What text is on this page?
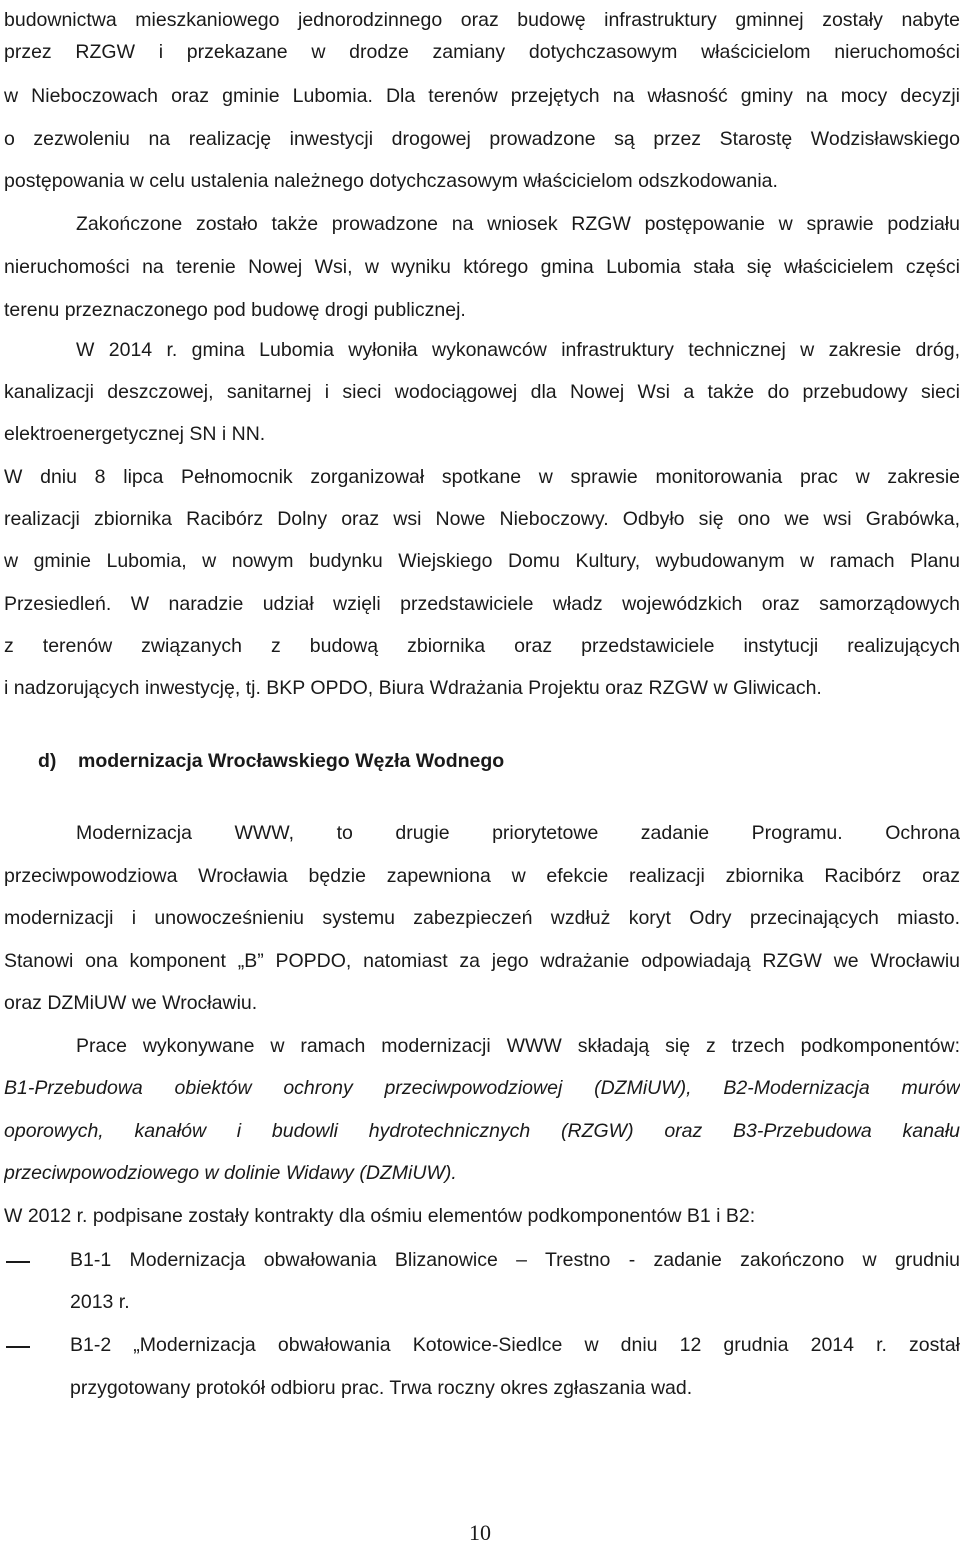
budownictwa mieszkaniowego jednorodzinnego oraz budowę infrastruktury gminnej zostały nabyte
przez RZGW i przekazane w drodze zamiany dotychczasowym właścicielom nieruchomości
w Nieboczowach oraz gminie Lubomia. Dla terenów przejętych na własność gminy na mocy decyzji
o zezwoleniu na realizację inwestycji drogowej prowadzone są przez Starostę Wodzisławskiego
postępowania w celu ustalenia należnego dotychczasowym właścicielom odszkodowania.
Zakończone zostało także prowadzone na wniosek RZGW postępowanie w sprawie podziału
nieruchomości na terenie Nowej Wsi, w wyniku którego gmina Lubomia stała się właścicielem części
terenu przeznaczonego pod budowę drogi publicznej.
W 2014 r. gmina Lubomia wyłoniła wykonawców infrastruktury technicznej w zakresie dróg,
kanalizacji deszczowej, sanitarnej i sieci wodociągowej dla Nowej Wsi a także do przebudowy sieci
elektroenergetycznej SN i NN.
W dniu 8 lipca Pełnomocnik zorganizował spotkane w sprawie monitorowania prac w zakresie
realizacji zbiornika Racibórz Dolny oraz wsi Nowe Nieboczowy. Odbyło się ono we wsi Grabówka,
w gminie Lubomia, w nowym budynku Wiejskiego Domu Kultury, wybudowanym w ramach Planu
Przesiedleń. W naradzie udział wzięli przedstawiciele władz wojewódzkich oraz samorządowych
z terenów związanych z budową zbiornika oraz przedstawiciele instytucji realizujących
i nadzorujących inwestycję, tj. BKP OPDO, Biura Wdrażania Projektu oraz RZGW w Gliwicach.
d) modernizacja Wrocławskiego Węzła Wodnego
Modernizacja WWW, to drugie priorytetowe zadanie Programu. Ochrona
przeciwpowodziowa Wrocławia będzie zapewniona w efekcie realizacji zbiornika Racibórz oraz
modernizacji i unowocześnieniu systemu zabezpieczeń wzdłuż koryt Odry przecinających miasto.
Stanowi ona komponent „B” POPDO, natomiast za jego wdrażanie odpowiadają RZGW we Wrocławiu
oraz DZMiUW we Wrocławiu.
Prace wykonywane w ramach modernizacji WWW składają się z trzech podkomponentów:
B1-Przebudowa obiektów ochrony przeciwpowodziowej (DZMiUW), B2-Modernizacja murów
oporowych, kanałów i budowli hydrotechnicznych (RZGW) oraz B3-Przebudowa kanału
przeciwpowodziowego w dolinie Widawy (DZMiUW).
W 2012 r. podpisane zostały kontrakty dla ośmiu elementów podkomponentów B1 i B2:
B1-1 Modernizacja obwałowania Blizanowice – Trestno - zadanie zakończono w grudniu
2013 r.
B1-2 „Modernizacja obwałowania Kotowice-Siedlce w dniu 12 grudnia 2014 r. został
przygotowany protokół odbioru prac. Trwa roczny okres zgłaszania wad.
10
